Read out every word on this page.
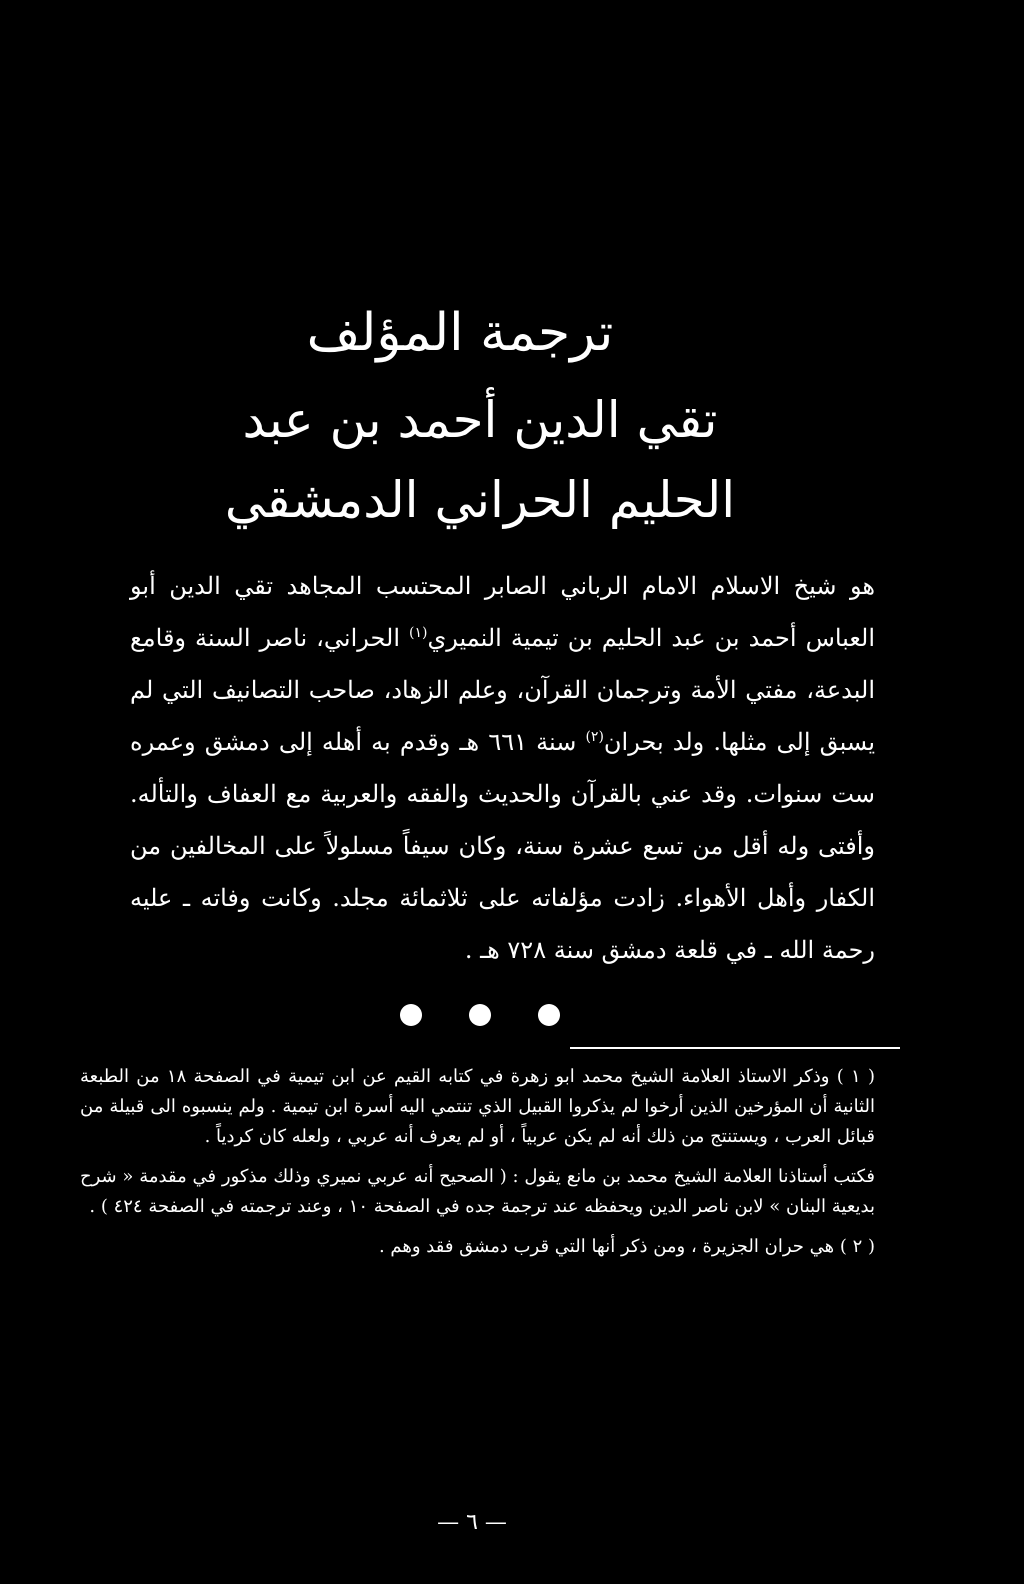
ترجمة المؤلف
تقي الدين أحمد بن عبد الحليم الحراني الدمشقي

هو شيخ الاسلام الامام الرباني الصابر المحتسب المجاهد تقي الدين أبو العباس أحمد بن عبد الحليم بن تيمية النميري$^{(١)}$ الحراني، ناصر السنة وقامع البدعة، مفتي الأمة وترجمان القرآن، وعلم الزهاد، صاحب التصانيف التي لم يسبق إلى مثلها. ولد بحران$^{(٢)}$ سنة ٦٦١ هـ وقدم به أهله إلى دمشق وعمره ست سنوات. وقد عني بالقرآن والحديث والفقه والعربية مع العفاف والتأله. وأفتى وله أقل من تسع عشرة سنة، وكان سيفاً مسلولاً على المخالفين من الكفار وأهل الأهواء. زادت مؤلفاته على ثلاثمائة مجلد. وكانت وفاته ـ عليه رحمة الله ـ في قلعة دمشق سنة ٧٢٨ هـ .

( ١ ) وذكر الاستاذ العلامة الشيخ محمد ابو زهرة في كتابه القيم عن ابن تيمية في الصفحة ١٨ من الطبعة الثانية أن المؤرخين الذين أرخوا لم يذكروا القبيل الذي تنتمي اليه أسرة ابن تيمية . ولم ينسبوه الى قبيلة من قبائل العرب ، ويستنتج من ذلك أنه لم يكن عربياً ، أو لم يعرف أنه عربي ، ولعله كان كردياً .

فكتب أستاذنا العلامة الشيخ محمد بن مانع يقول : ( الصحيح أنه عربي نميري وذلك مذكور في مقدمة « شرح بديعية البنان » لابن ناصر الدين ويحفظه عند ترجمة جده في الصفحة ١٠ ، وعند ترجمته في الصفحة ٤٢٤ ) .

( ٢ ) هي حران الجزيرة ، ومن ذكر أنها التي قرب دمشق فقد وهم .

— ٦ —
